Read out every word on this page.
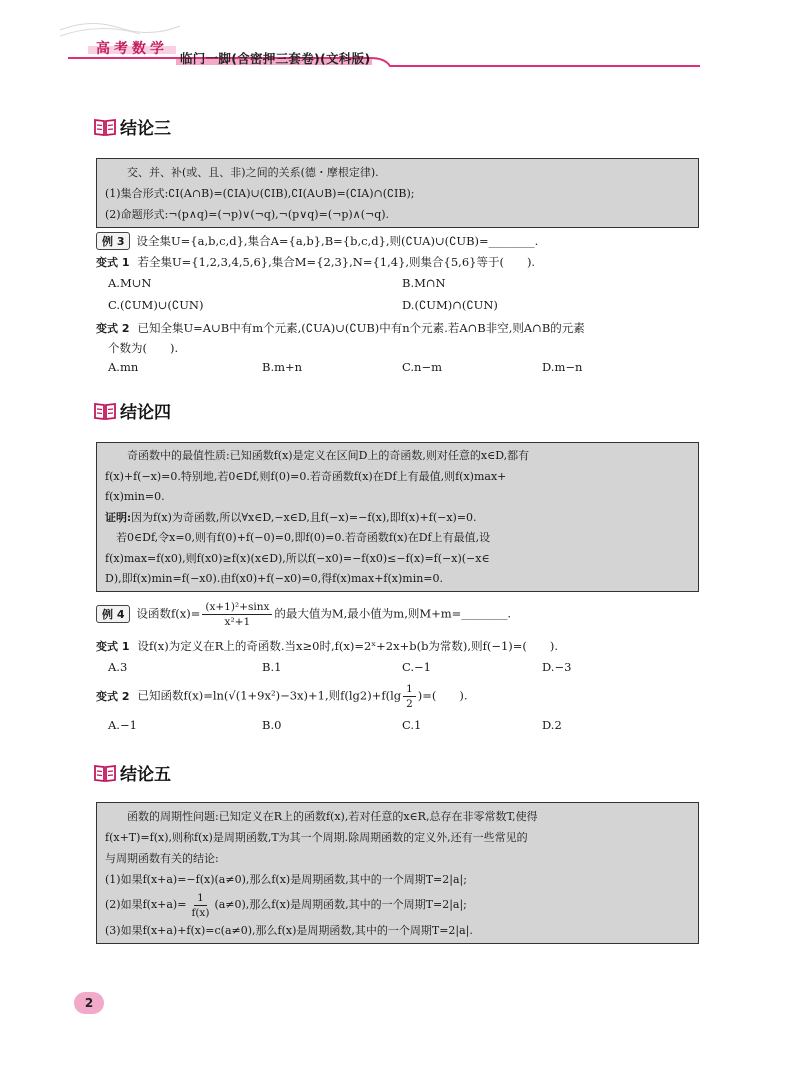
高考数学
临门一脚(含密押三套卷)(文科版)
结论三

交、并、补(或、且、非)之间的关系(德・摩根定律).

(1)集合形式:∁I(A∩B)=(∁IA)∪(∁IB),∁I(A∪B)=(∁IA)∩(∁IB);

(2)命题形式:¬(p∧q)=(¬p)∨(¬q),¬(p∨q)=(¬p)∧(¬q).

例 3 设全集U={a,b,c,d},集合A={a,b},B={b,c,d},则(∁UA)∪(∁UB)=________.
变式 1 若全集U={1,2,3,4,5,6},集合M={2,3},N={1,4},则集合{5,6}等于(　　).
A.M∪N	B.M∩N
C.(∁UM)∪(∁UN)	D.(∁UM)∩(∁UN)
变式 2 已知全集U=A∪B中有m个元素,(∁UA)∪(∁UB)中有n个元素.若A∩B非空,则A∩B的元素
个数为(　　).
A.mn	B.m+n	C.n−m	D.m−n
结论四

奇函数中的最值性质:已知函数f(x)是定义在区间D上的奇函数,则对任意的x∈D,都有

f(x)+f(−x)=0.特别地,若0∈Df,则f(0)=0.若奇函数f(x)在Df上有最值,则f(x)max+

f(x)min=0.

证明:因为f(x)为奇函数,所以∀x∈D,−x∈D,且f(−x)=−f(x),即f(x)+f(−x)=0.

若0∈Df,令x=0,则有f(0)+f(−0)=0,即f(0)=0.若奇函数f(x)在Df上有最值,设

f(x)max=f(x0),则f(x0)≥f(x)(x∈D),所以f(−x0)=−f(x0)≤−f(x)=f(−x)(−x∈

D),即f(x)min=f(−x0).由f(x0)+f(−x0)=0,得f(x)max+f(x)min=0.

例 4 设函数$f(x)= \frac{\text{(x+1)²+sinx}}{\text{x²+1}}$ 的最大值为M,最小值为m,则M+m=________.
变式 1 设f(x)为定义在R上的奇函数.当x≥0时,f(x)=2ˣ+2x+b(b为常数),则f(−1)=(　　).
A.3	B.1	C.−1	D.−3
变式 2 已知函数f(x)=ln(√(1+9x²)−3x)+1,则$f(\lg 2)+f(\lg \frac{1}{2}$ )=(　　).
A.−1	B.0	C.1	D.2
结论五

函数的周期性问题:已知定义在R上的函数f(x),若对任意的x∈R,总存在非零常数T,使得

f(x+T)=f(x),则称f(x)是周期函数,T为其一个周期.除周期函数的定义外,还有一些常见的

与周期函数有关的结论:

(1)如果f(x+a)=−f(x)(a≠0),那么f(x)是周期函数,其中的一个周期T=2|a|;

(2)如果$f(x+a)= \frac{1}{f(x)} (a\ne 0)$,那么f(x)是周期函数,其中的一个周期T=2|a|;

(3)如果f(x+a)+f(x)=c(a≠0),那么f(x)是周期函数,其中的一个周期T=2|a|.

2
